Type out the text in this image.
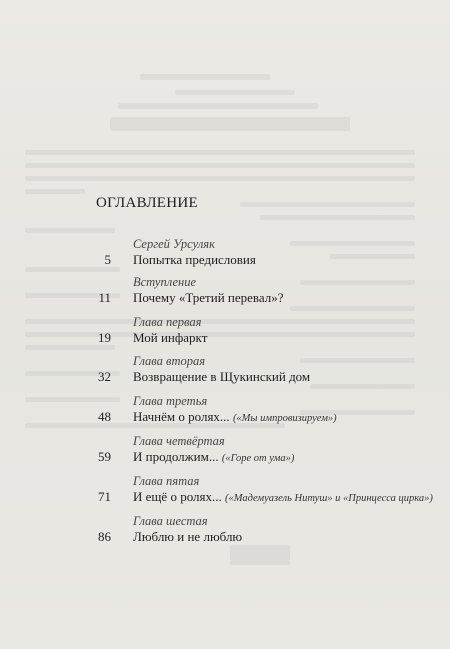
ОГЛАВЛЕНИЕ
Сергей Урсуляк
5 Попытка предисловия
Вступление
11 Почему «Третий перевал»?
Глава первая
19 Мой инфаркт
Глава вторая
32 Возвращение в Щукинский дом
Глава третья
48 Начнём о ролях... («Мы импровизируем»)
Глава четвёртая
59 И продолжим... («Горе от ума»)
Глава пятая
71 И ещё о ролях... («Мадемуазель Нитуш» и «Принцесса цирка»)
Глава шестая
86 Люблю и не люблю
